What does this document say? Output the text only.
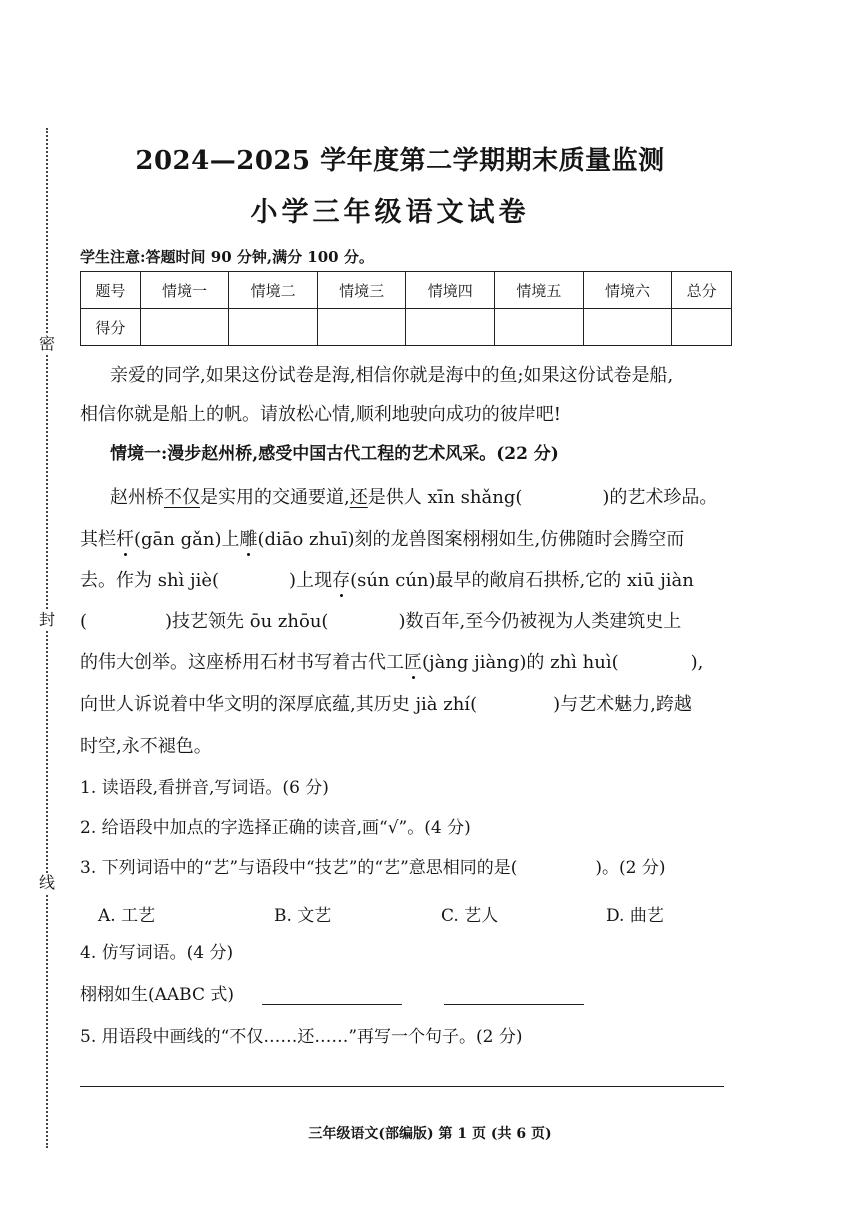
密
封
线
2024—2025 学年度第二学期期末质量监测
小学三年级语文试卷
学生注意:答题时间 90 分钟,满分 100 分。
题号	情境一	情境二	情境三	情境四	情境五	情境六	总分
得分							
亲爱的同学,如果这份试卷是海,相信你就是海中的鱼;如果这份试卷是船,
相信你就是船上的帆。请放松心情,顺利地驶向成功的彼岸吧!
情境一:漫步赵州桥,感受中国古代工程的艺术风采。(22 分)
赵州桥不仅是实用的交通要道,还是供人 xīn shǎng(	)的艺术珍品。
其栏杆(gān gǎn)上雕(diāo zhuī)刻的龙兽图案栩栩如生,仿佛随时会腾空而
去。作为 shì jiè(	)上现存(sún cún)最早的敞肩石拱桥,它的 xiū jiàn
(	)技艺领先 ōu zhōu(	)数百年,至今仍被视为人类建筑史上
的伟大创举。这座桥用石材书写着古代工匠(jàng jiàng)的 zhì huì(	),
向世人诉说着中华文明的深厚底蕴,其历史 jià zhí(	)与艺术魅力,跨越
时空,永不褪色。
1. 读语段,看拼音,写词语。(6 分)
2. 给语段中加点的字选择正确的读音,画“√”。(4 分)
3. 下列词语中的“艺”与语段中“技艺”的“艺”意思相同的是(	)。(2 分)
A. 工艺	B. 文艺	C. 艺人	D. 曲艺
4. 仿写词语。(4 分)
栩栩如生(AABC 式)
5. 用语段中画线的“不仅……还……”再写一个句子。(2 分)
三年级语文(部编版) 第 1 页 (共 6 页)
